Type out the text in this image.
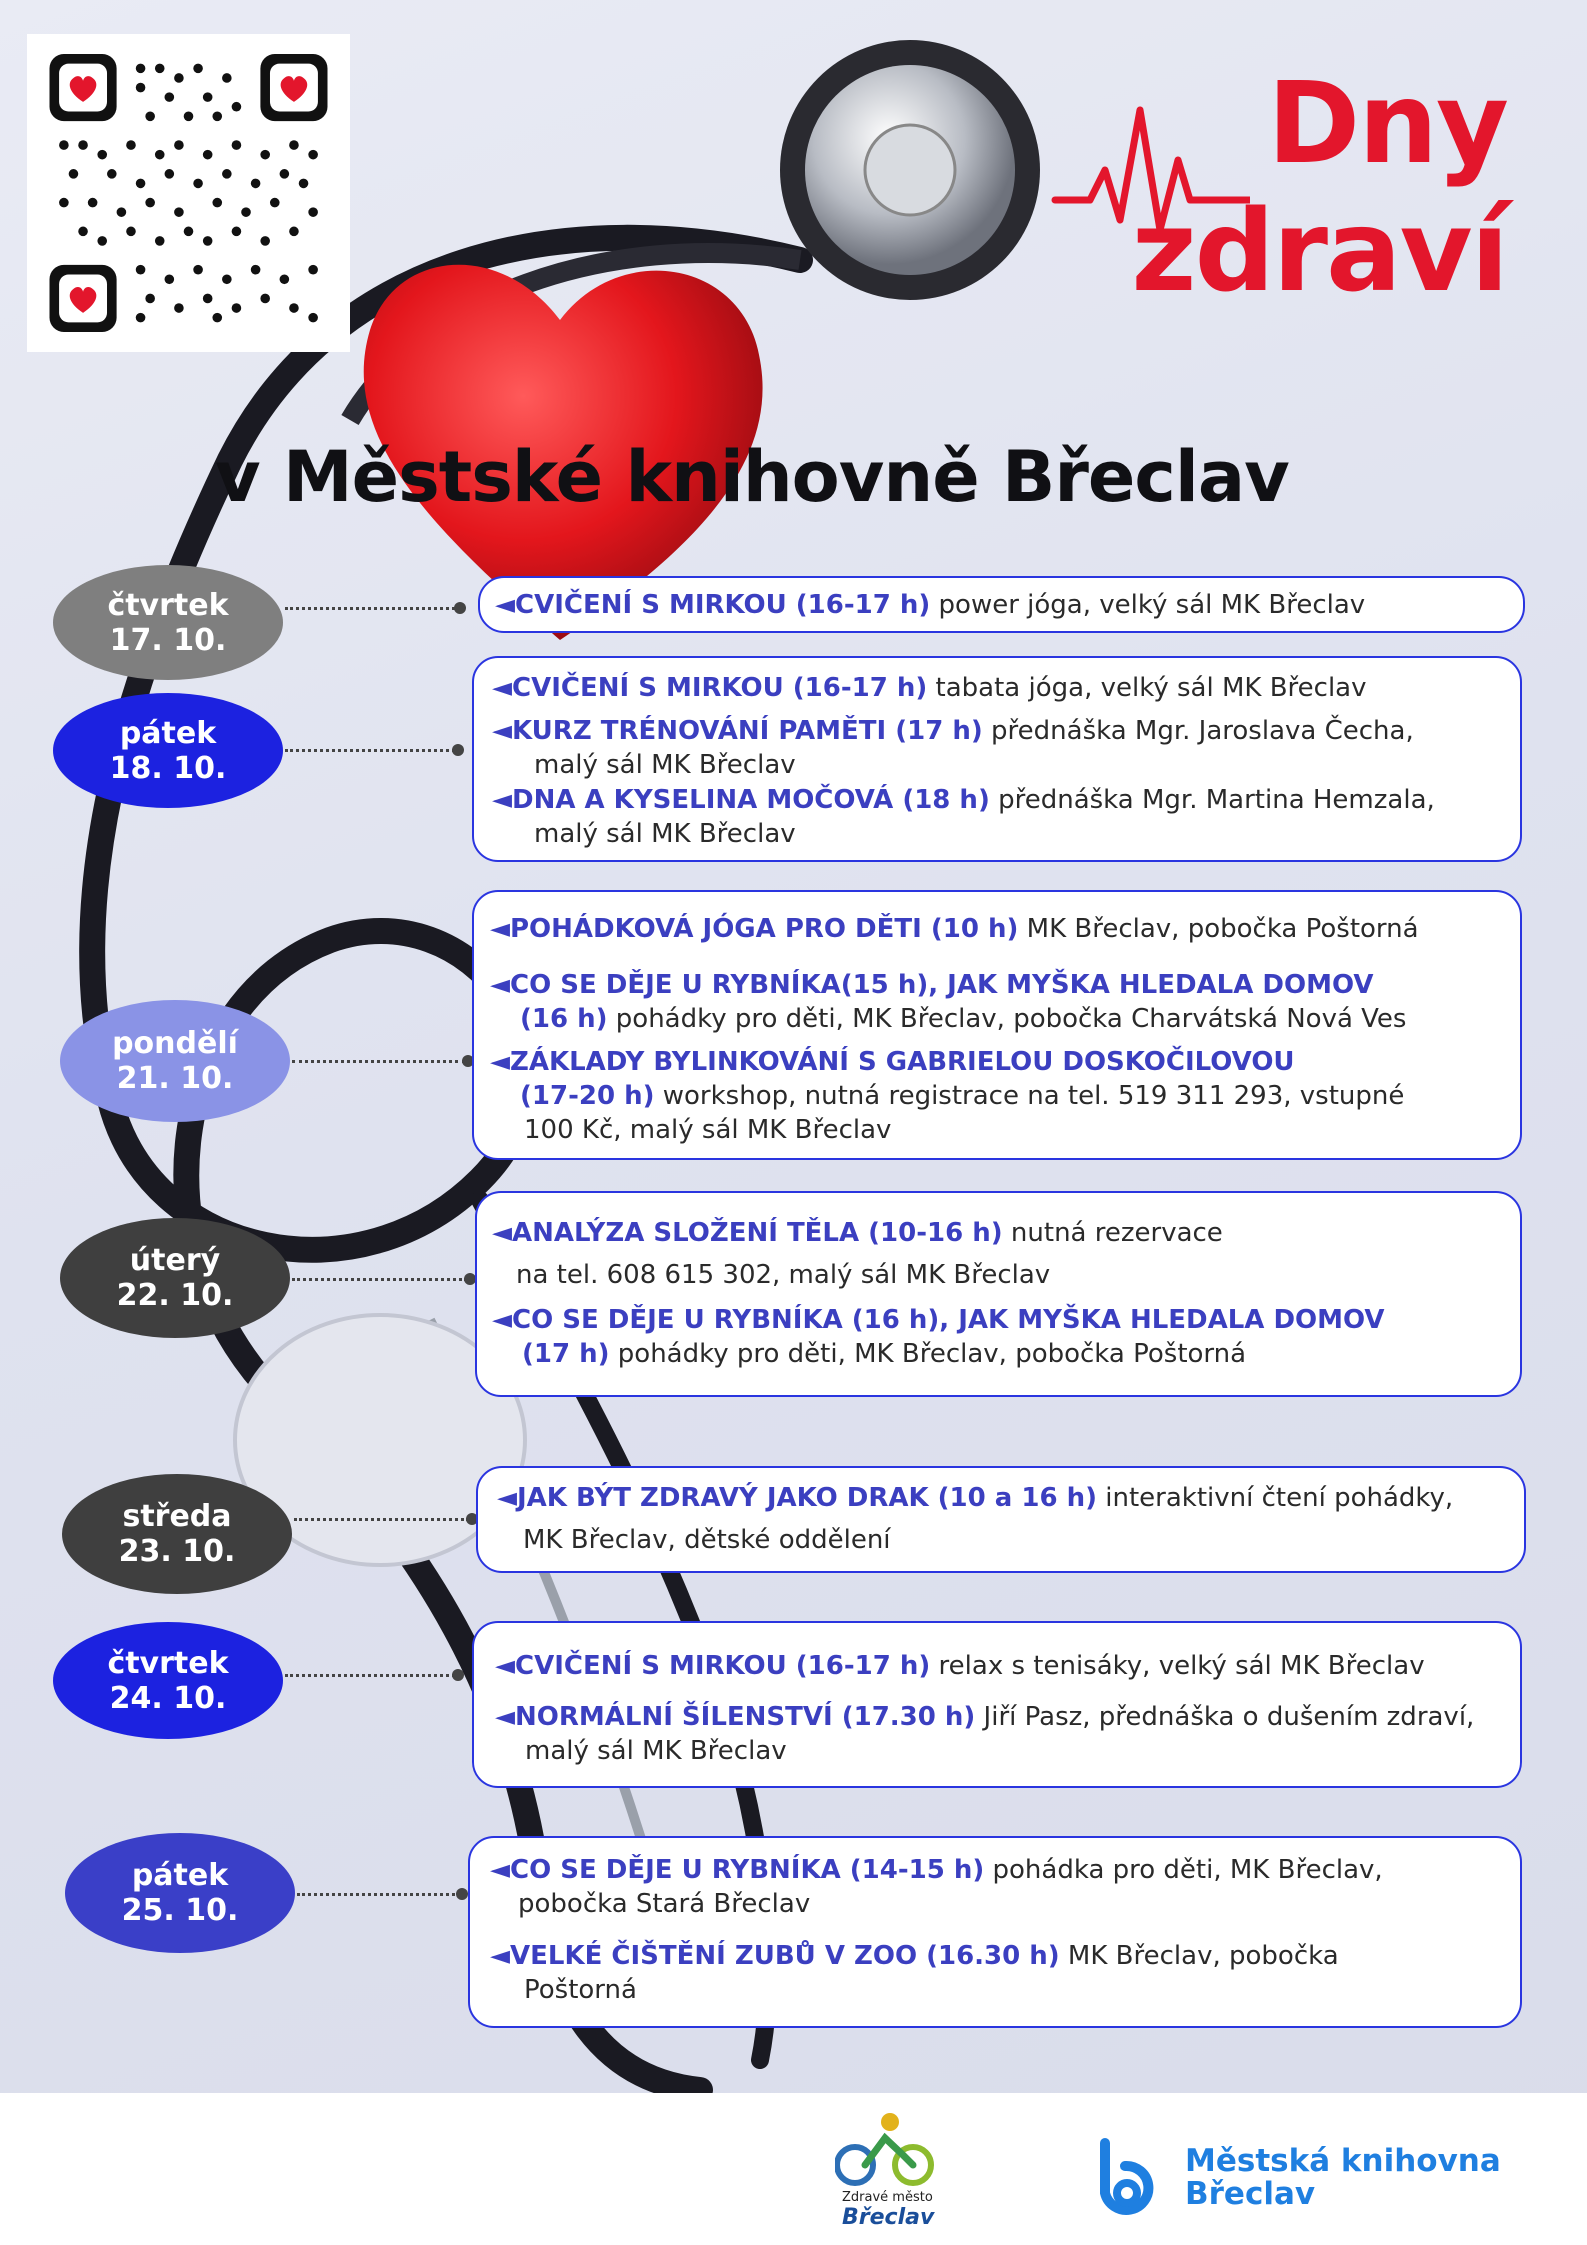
Dny
zdraví
v Městské knihovně Břeclav
čtvrtek
17. 10.
◄CVIČENÍ S MIRKOU (16-17 h) power jóga, velký sál MK Břeclav
pátek
18. 10.
◄CVIČENÍ S MIRKOU (16-17 h) tabata jóga, velký sál MK Břeclav
◄KURZ TRÉNOVÁNÍ PAMĚTI (17 h) přednáška Mgr. Jaroslava Čecha,
malý sál MK Břeclav
◄DNA A KYSELINA MOČOVÁ (18 h) přednáška Mgr. Martina Hemzala,
malý sál MK Břeclav
pondělí
21. 10.
◄POHÁDKOVÁ JÓGA PRO DĚTI (10 h) MK Břeclav, pobočka Poštorná
◄CO SE DĚJE U RYBNÍKA(15 h), JAK MYŠKA HLEDALA DOMOV
(16 h) pohádky pro děti, MK Břeclav, pobočka Charvátská Nová Ves
◄ZÁKLADY BYLINKOVÁNÍ S GABRIELOU DOSKOČILOVOU
(17-20 h) workshop, nutná registrace na tel. 519 311 293, vstupné
100 Kč, malý sál MK Břeclav
úterý
22. 10.
◄ANALÝZA SLOŽENÍ TĚLA (10-16 h) nutná rezervace
na tel. 608 615 302, malý sál MK Břeclav
◄CO SE DĚJE U RYBNÍKA (16 h), JAK MYŠKA HLEDALA DOMOV
(17 h) pohádky pro děti, MK Břeclav, pobočka Poštorná
středa
23. 10.
◄JAK BÝT ZDRAVÝ JAKO DRAK (10 a 16 h) interaktivní čtení pohádky,
MK Břeclav, dětské oddělení
čtvrtek
24. 10.
◄CVIČENÍ S MIRKOU (16-17 h) relax s tenisáky, velký sál MK Břeclav
◄NORMÁLNÍ ŠÍLENSTVÍ (17.30 h) Jiří Pasz, přednáška o dušením zdraví,
malý sál MK Břeclav
pátek
25. 10.
◄CO SE DĚJE U RYBNÍKA (14-15 h) pohádka pro děti, MK Břeclav,
pobočka Stará Břeclav
◄VELKÉ ČIŠTĚNÍ ZUBŮ V ZOO (16.30 h) MK Břeclav, pobočka
Poštorná
Zdravé město
Břeclav
Městská knihovna
Břeclav
